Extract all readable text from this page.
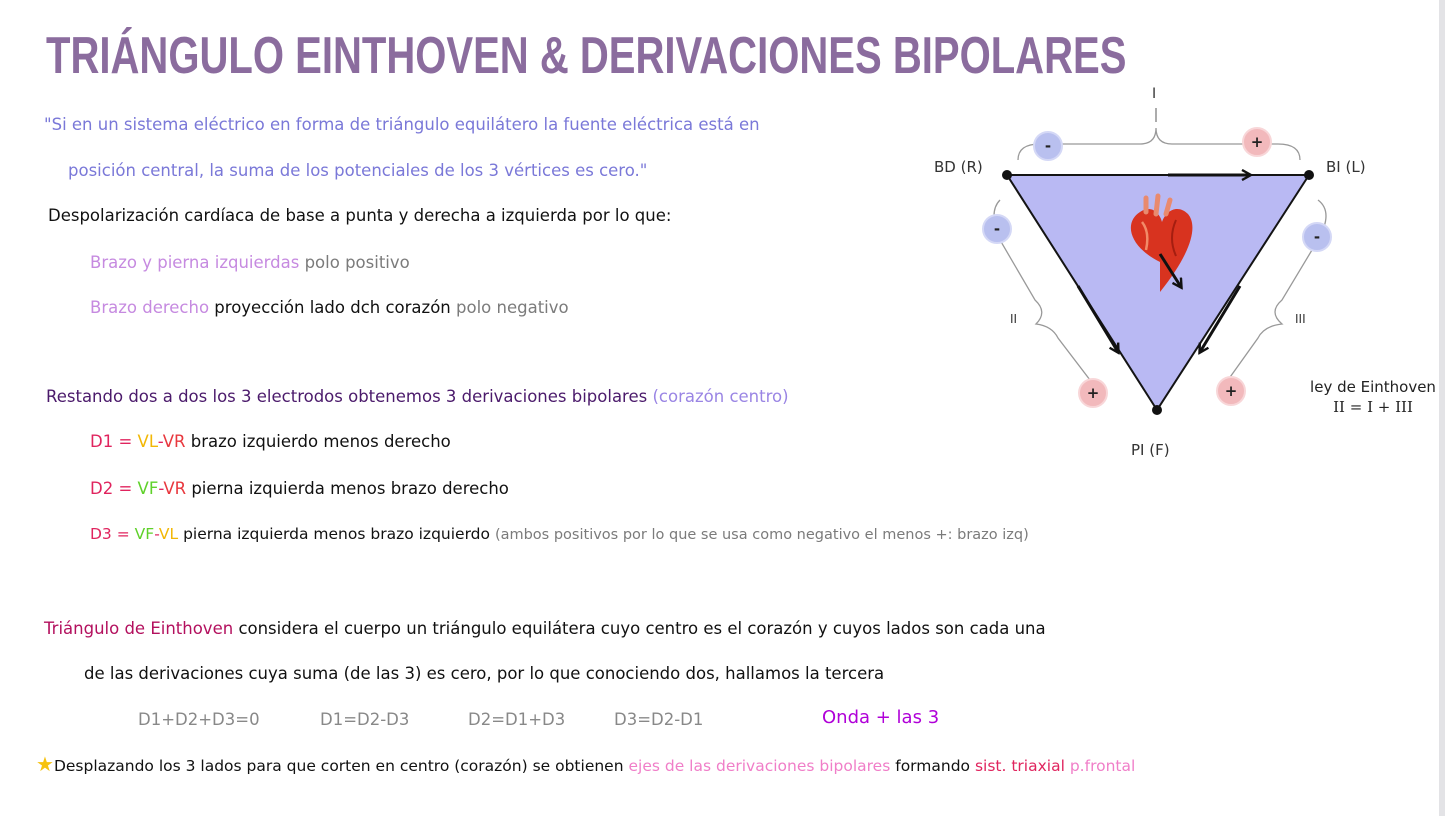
TRIÁNGULO EINTHOVEN & DERIVACIONES BIPOLARES
"Si en un sistema eléctrico en forma de triángulo equilátero la fuente eléctrica está en
posición central, la suma de los potenciales de los 3 vértices es cero."
Despolarización cardíaca de base a punta y derecha a izquierda por lo que:
Brazo y pierna izquierdas polo positivo
Brazo derecho proyección lado dch corazón polo negativo
Restando dos a dos los 3 electrodos obtenemos 3 derivaciones bipolares (corazón centro)
D1 = VL-VR brazo izquierdo menos derecho
D2 = VF-VR pierna izquierda menos brazo derecho
D3 = VF-VL pierna izquierda menos brazo izquierdo (ambos positivos por lo que se usa como negativo el menos +: brazo izq)
Triángulo de Einthoven considera el cuerpo un triángulo equilátera cuyo centro es el corazón y cuyos lados son cada una
de las derivaciones cuya suma (de las 3) es cero, por lo que conociendo dos, hallamos la tercera
D1+D2+D3=0	D1=D2-D3	D2=D1+D3	D3=D2-D1	Onda + las 3
★Desplazando los 3 lados para que corten en centro (corazón) se obtienen ejes de las derivaciones bipolares formando sist. triaxial p.frontal
BD (R)	BI (L)
PI (F)
I
II	III
-	+
-
+
-
+	ley de Einthoven
II = I + III
